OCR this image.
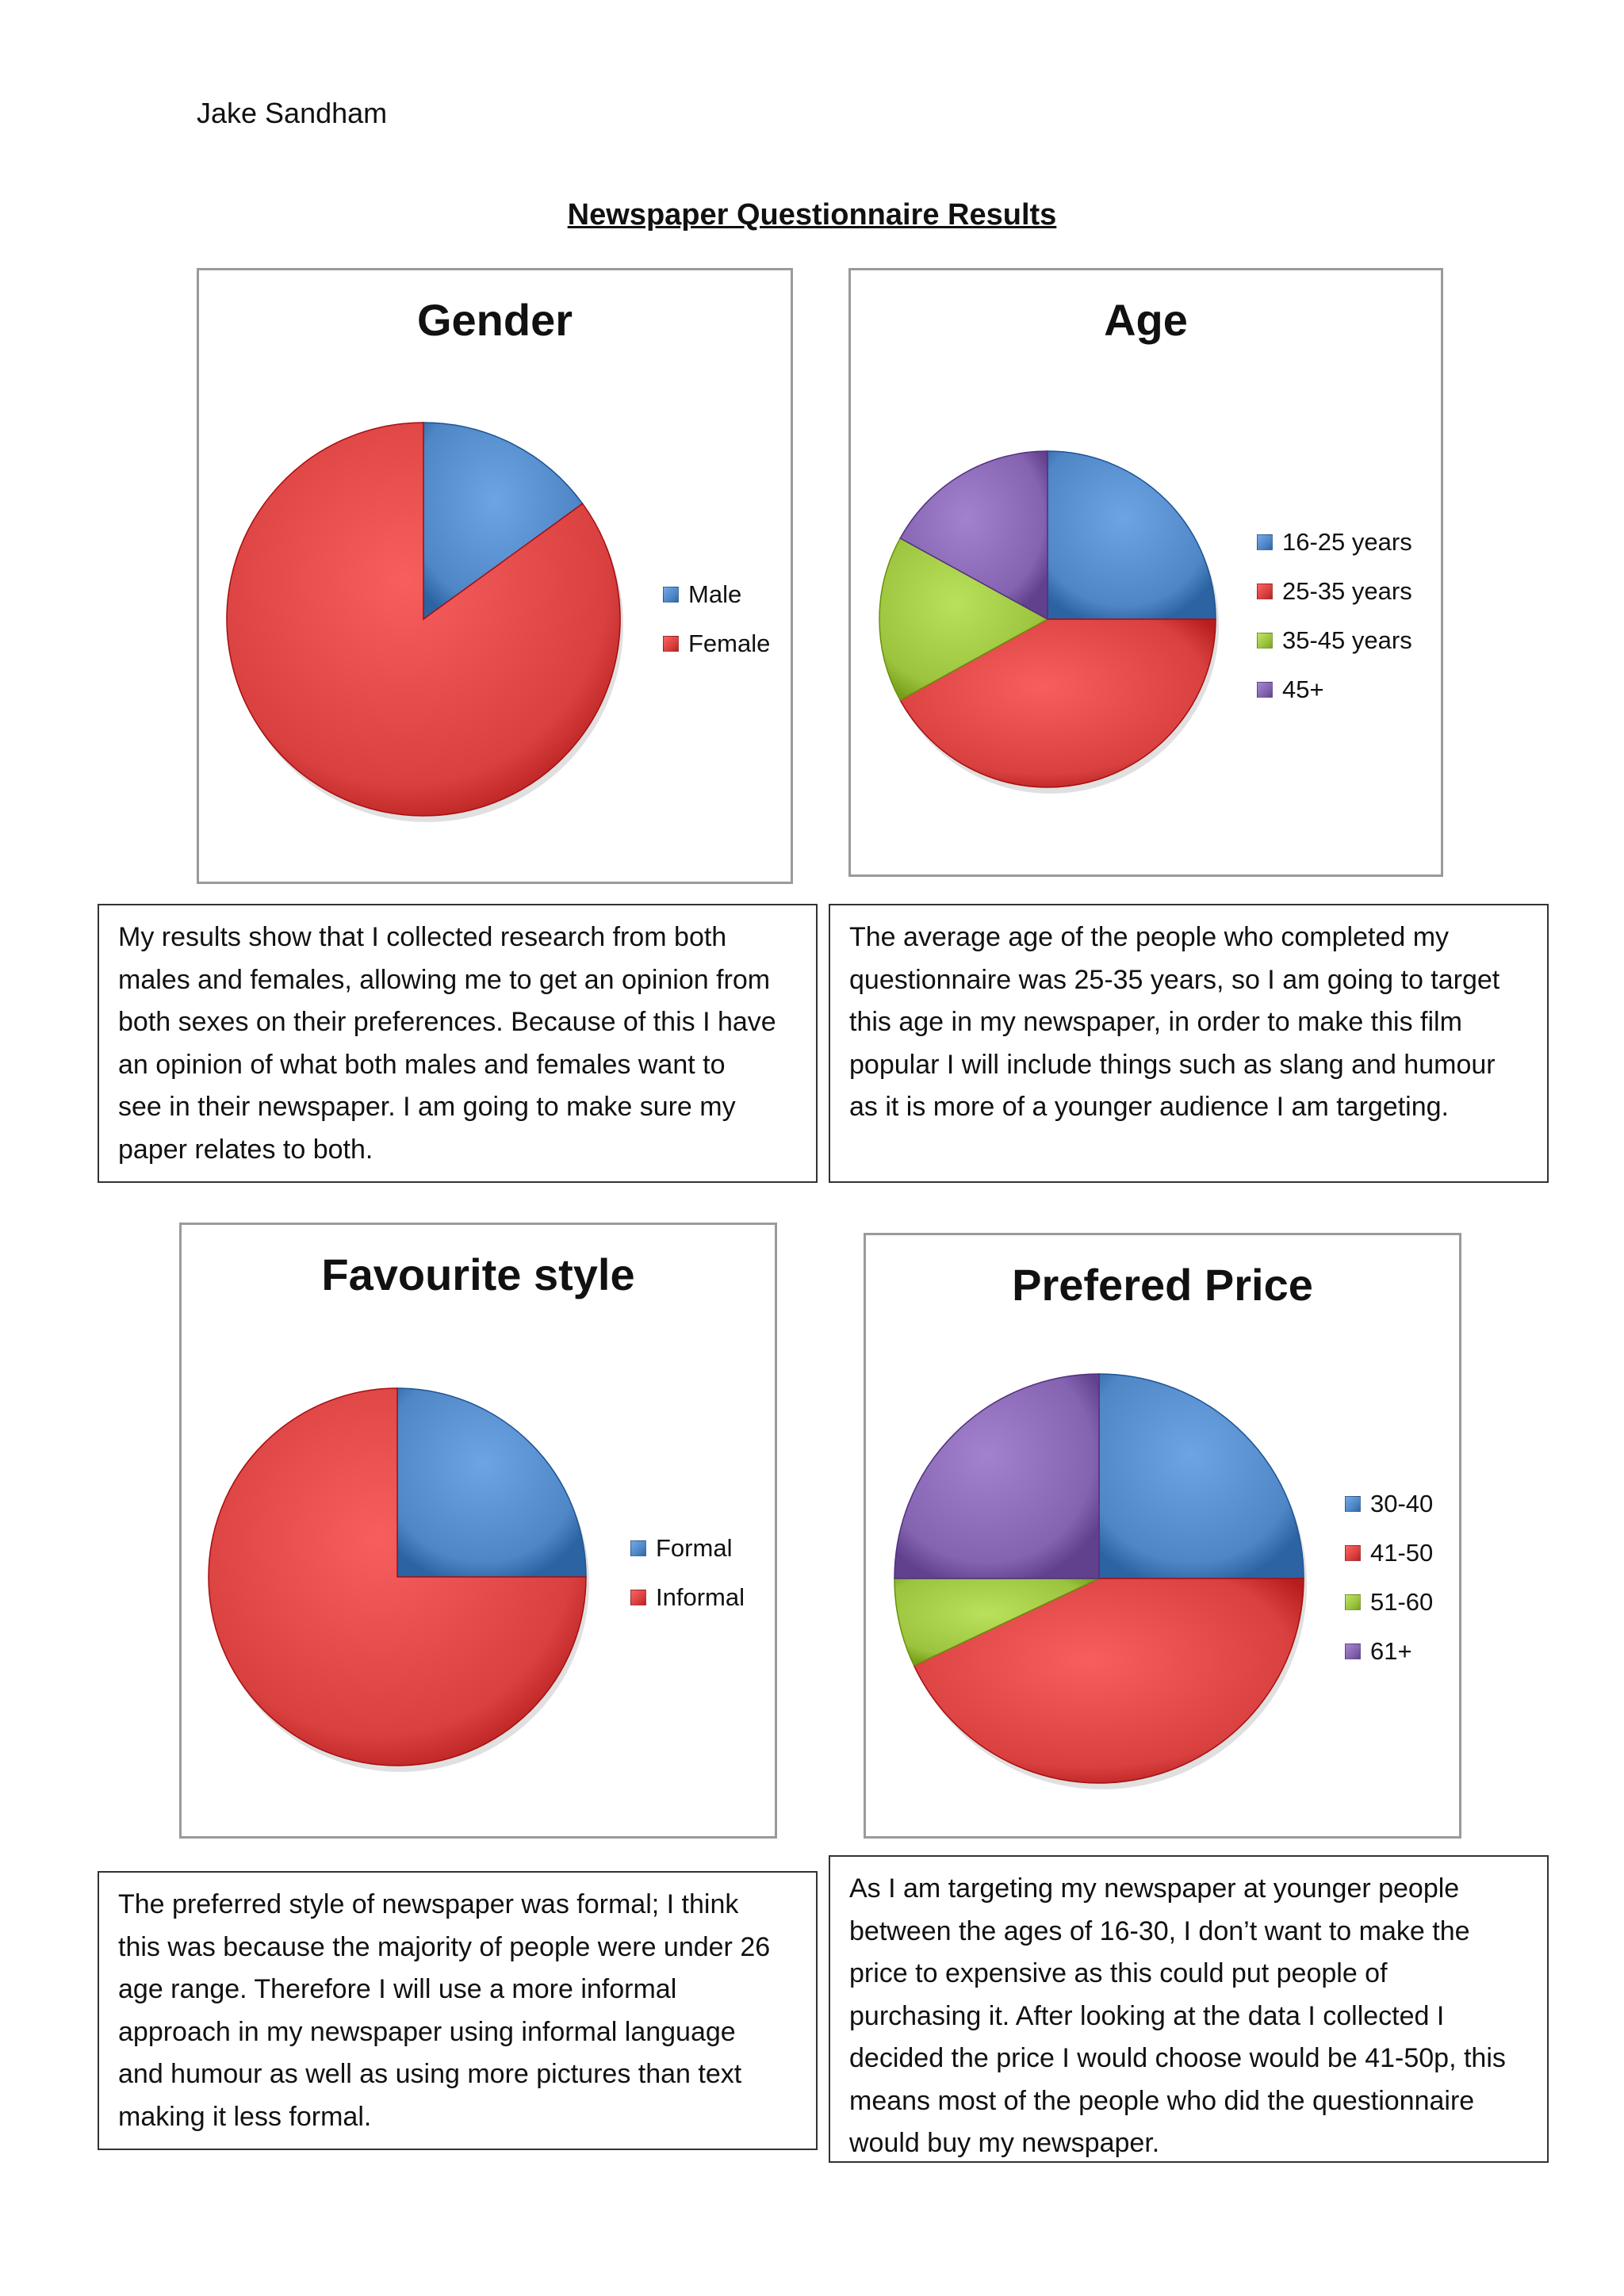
Jake Sandham
Newspaper Questionnaire Results
Gender
Male
Female
Age
16-25 years
25-35 years
35-45 years
45+
My results show that I collected research from both
males and females, allowing me to get an opinion from
both sexes on their preferences. Because of this I have
an opinion of what both males and females want to
see in their newspaper. I am going to make sure my
paper relates to both.
The average age of the people who completed my
questionnaire was 25-35 years, so I am going to target
this age in my newspaper, in order to make this film
popular I will include things such as slang and humour
as it is more of a younger audience I am targeting.
Favourite style
Formal
Informal
Prefered Price
30-40
41-50
51-60
61+
The preferred style of newspaper was formal; I think
this was because the majority of people were under 26
age range. Therefore I will use a more informal
approach in my newspaper using informal language
and humour as well as using more pictures than text
making it less formal.
As I am targeting my newspaper at younger people
between the ages of 16-30, I don’t want to make the
price to expensive as this could put people of
purchasing it. After looking at the data I collected I
decided the price I would choose would be 41-50p, this
means most of the people who did the questionnaire
would buy my newspaper.
